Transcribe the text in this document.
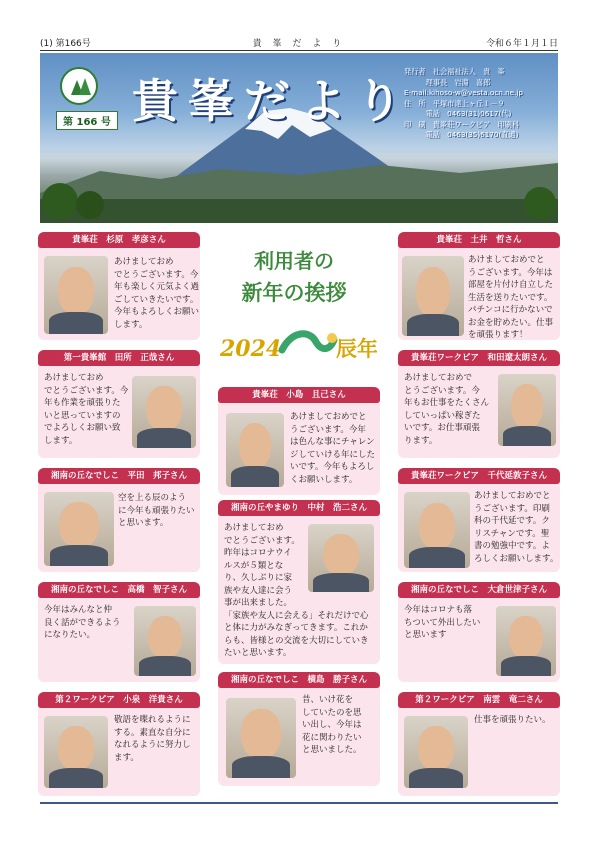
(1) 第166号	貴 峯 だ よ り	令和６年１月１日
第 166 号 貴峯だより
発行者　社会福祉法人　貴　峯
　　　理事長　岩淵　喜郎
E-mail:kihoso-w@vesta.ocn.ne.jp
住　所　平塚市達上ヶ丘１－９
　　　電話　0463(31)0617(代)
印　刷　貴峯荘ワークピア　印刷科
　　　電話　0463(35)6170(直通)
利用者の
新年の挨拶
2024	辰年
貴峯荘　杉原　孝彦さん
あけましておめ
でとうございます。今
年も楽しく元気よく過
ごしていきたいです。
今年もよろしくお願い
します。
第一貴峯館　田所　正哉さん
あけましておめ
でとうございます。今
年も作業を頑張りた
いと思っていますの
でよろしくお願い致
します。
湘南の丘なでしこ　平田　邦子さん
空を上る辰のよう
に今年も頑張りたい
と思います。
湘南の丘なでしこ　高橋　智子さん
今年はみんなと仲
良く話ができるよう
になりたい。
第２ワークピア　小泉　洋貴さん
敬語を喋れるように
する。素直な自分に
なれるように努力し
ます。
貴峯荘　小島　且己さん
あけましておめでと
うございます。今年
は色んな事にチャレン
ジしていける年にした
いです。今年もよろし
くお願いします。
湘南の丘やまゆり　中村　浩二さん
あけましておめ
でとうございます。
昨年はコロナウイ
ルスが５類とな
り、久しぶりに家
族や友人達に会う
事が出来ました。
「家族や友人に会える」それだけで心
と体に力がみなぎってきます。これか
らも、皆様との交流を大切にしていき
たいと思います。
湘南の丘なでしこ　横島　勝子さん
昔、いけ花を
していたのを思
い出し、今年は
花に関わりたい
と思いました。
貴峯荘　土井　哲さん
あけましておめでと
うございます。今年は
部屋を片付け自立した
生活を送りたいです。
パチンコに行かないで
お金を貯めたい。仕事
を頑張ります！
貴峯荘ワークピア　和田遼太朗さん
あけましておめで
とうございます。今
年もお仕事をたくさん
していっぱい稼ぎた
いです。お仕事頑張
ります。
貴峯荘ワークピア　千代延敦子さん
あけましておめでと
うございます。印刷
科の千代延です。ク
リスチャンです。聖
書の勉強中です。よ
ろしくお願いします。
湘南の丘なでしこ　大倉世津子さん
今年はコロナも落
ちついて外出したい
と思います
第２ワークピア　南雲　竜二さん
仕事を頑張りたい。
